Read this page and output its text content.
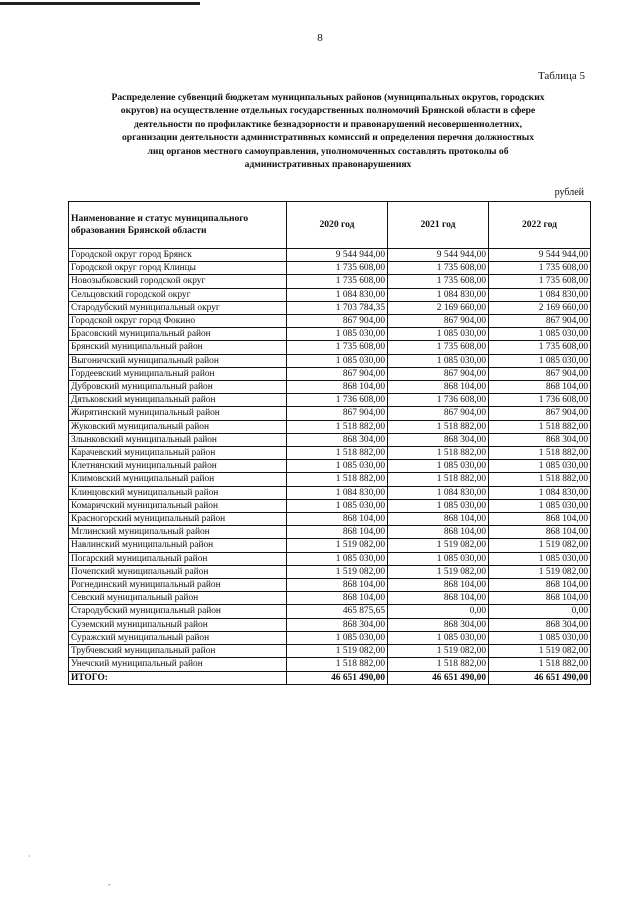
8
Таблица 5
Распределение субвенций бюджетам муниципальных районов (муниципальных округов, городских
округов) на осуществление отдельных государственных полномочий Брянской области в сфере
деятельности по профилактике безнадзорности и правонарушений несовершеннолетних,
организации деятельности административных комиссий и определения перечня должностных
лиц органов местного самоуправления, уполномоченных составлять протоколы об
административных правонарушениях
рублей
Наименование и статус муниципального образования Брянской области	2020 год	2021 год	2022 год
Городской округ город Брянск	9 544 944,00	9 544 944,00	9 544 944,00
Городской округ город Клинцы	1 735 608,00	1 735 608,00	1 735 608,00
Новозыбковский городской округ	1 735 608,00	1 735 608,00	1 735 608,00
Сельцовский городской округ	1 084 830,00	1 084 830,00	1 084 830,00
Стародубский муниципальный округ	1 703 784,35	2 169 660,00	2 169 660,00
Городской округ город Фокино	867 904,00	867 904,00	867 904,00
Брасовский муниципальный район	1 085 030,00	1 085 030,00	1 085 030,00
Брянский муниципальный район	1 735 608,00	1 735 608,00	1 735 608,00
Выгоничский муниципальный район	1 085 030,00	1 085 030,00	1 085 030,00
Гордеевский муниципальный район	867 904,00	867 904,00	867 904,00
Дубровский муниципальный район	868 104,00	868 104,00	868 104,00
Дятьковский муниципальный район	1 736 608,00	1 736 608,00	1 736 608,00
Жирятинский муниципальный район	867 904,00	867 904,00	867 904,00
Жуковский муниципальный район	1 518 882,00	1 518 882,00	1 518 882,00
Злынковский муниципальный район	868 304,00	868 304,00	868 304,00
Карачевский муниципальный район	1 518 882,00	1 518 882,00	1 518 882,00
Клетнянский муниципальный район	1 085 030,00	1 085 030,00	1 085 030,00
Климовский муниципальный район	1 518 882,00	1 518 882,00	1 518 882,00
Клинцовский муниципальный район	1 084 830,00	1 084 830,00	1 084 830,00
Комаричский муниципальный район	1 085 030,00	1 085 030,00	1 085 030,00
Красногорский муниципальный район	868 104,00	868 104,00	868 104,00
Мглинский муниципальный район	868 104,00	868 104,00	868 104,00
Навлинский муниципальный район	1 519 082,00	1 519 082,00	1 519 082,00
Погарский муниципальный район	1 085 030,00	1 085 030,00	1 085 030,00
Почепский муниципальный район	1 519 082,00	1 519 082,00	1 519 082,00
Рогнединский муниципальный район	868 104,00	868 104,00	868 104,00
Севский муниципальный район	868 104,00	868 104,00	868 104,00
Стародубский муниципальный район	465 875,65	0,00	0,00
Суземский муниципальный район	868 304,00	868 304,00	868 304,00
Суражский муниципальный район	1 085 030,00	1 085 030,00	1 085 030,00
Трубчевский муниципальный район	1 519 082,00	1 519 082,00	1 519 082,00
Унечский муниципальный район	1 518 882,00	1 518 882,00	1 518 882,00
ИТОГО:	46 651 490,00	46 651 490,00	46 651 490,00
·
-
